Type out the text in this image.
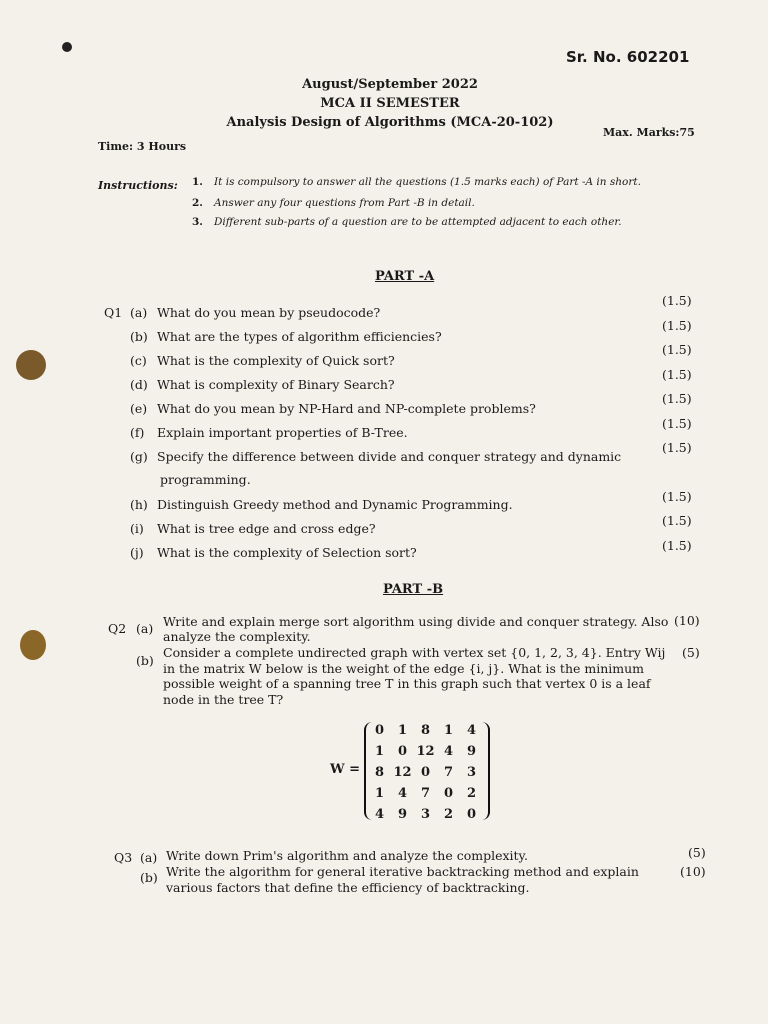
Sr. No. 602201
August/September 2022
MCA II SEMESTER
Analysis Design of Algorithms (MCA-20-102)
Time: 3 Hours
Max. Marks:75
Instructions: 1. It is compulsory to answer all the questions (1.5 marks each) of Part -A in short.
2. Answer any four questions from Part -B in detail.
3. Different sub-parts of a question are to be attempted adjacent to each other.
PART -A
Q1 (a) What do you mean by pseudocode?
(1.5)
(b) What are the types of algorithm efficiencies?
(1.5)
(c) What is the complexity of Quick sort?
(1.5)
(d) What is complexity of Binary Search?
(1.5)
(e) What do you mean by NP-Hard and NP-complete problems?
(1.5)
(f) Explain important properties of B-Tree.
(1.5)
(g) Specify the difference between divide and conquer strategy and dynamic
(1.5)
(h) Distinguish Greedy method and Dynamic Programming.
(1.5)
(i) What is tree edge and cross edge?
(1.5)
(j) What is the complexity of Selection sort?	(1.5)
programming.
PART -B
Q2 (a) Write and explain merge sort algorithm using divide and conquer strategy. Also analyze the complexity.
(10)
(b)
Consider a complete undirected graph with vertex set {0, 1, 2, 3, 4}. Entry Wij in the matrix W below is the weight of the edge {i, j}. What is the minimum possible weight of a spanning tree T in this graph such that vertex 0 is a leaf node in the tree T?
(5)
W =
0	1	8	1	4
1	0	12	4	9
8	12	0	7	3
1	4	7	0	2
4	9	3	2	0
Q3 (a) Write down Prim's algorithm and analyze the complexity.	(5)
(b) Write the algorithm for general iterative backtracking method and explain various factors that define the efficiency of backtracking.
(10)
